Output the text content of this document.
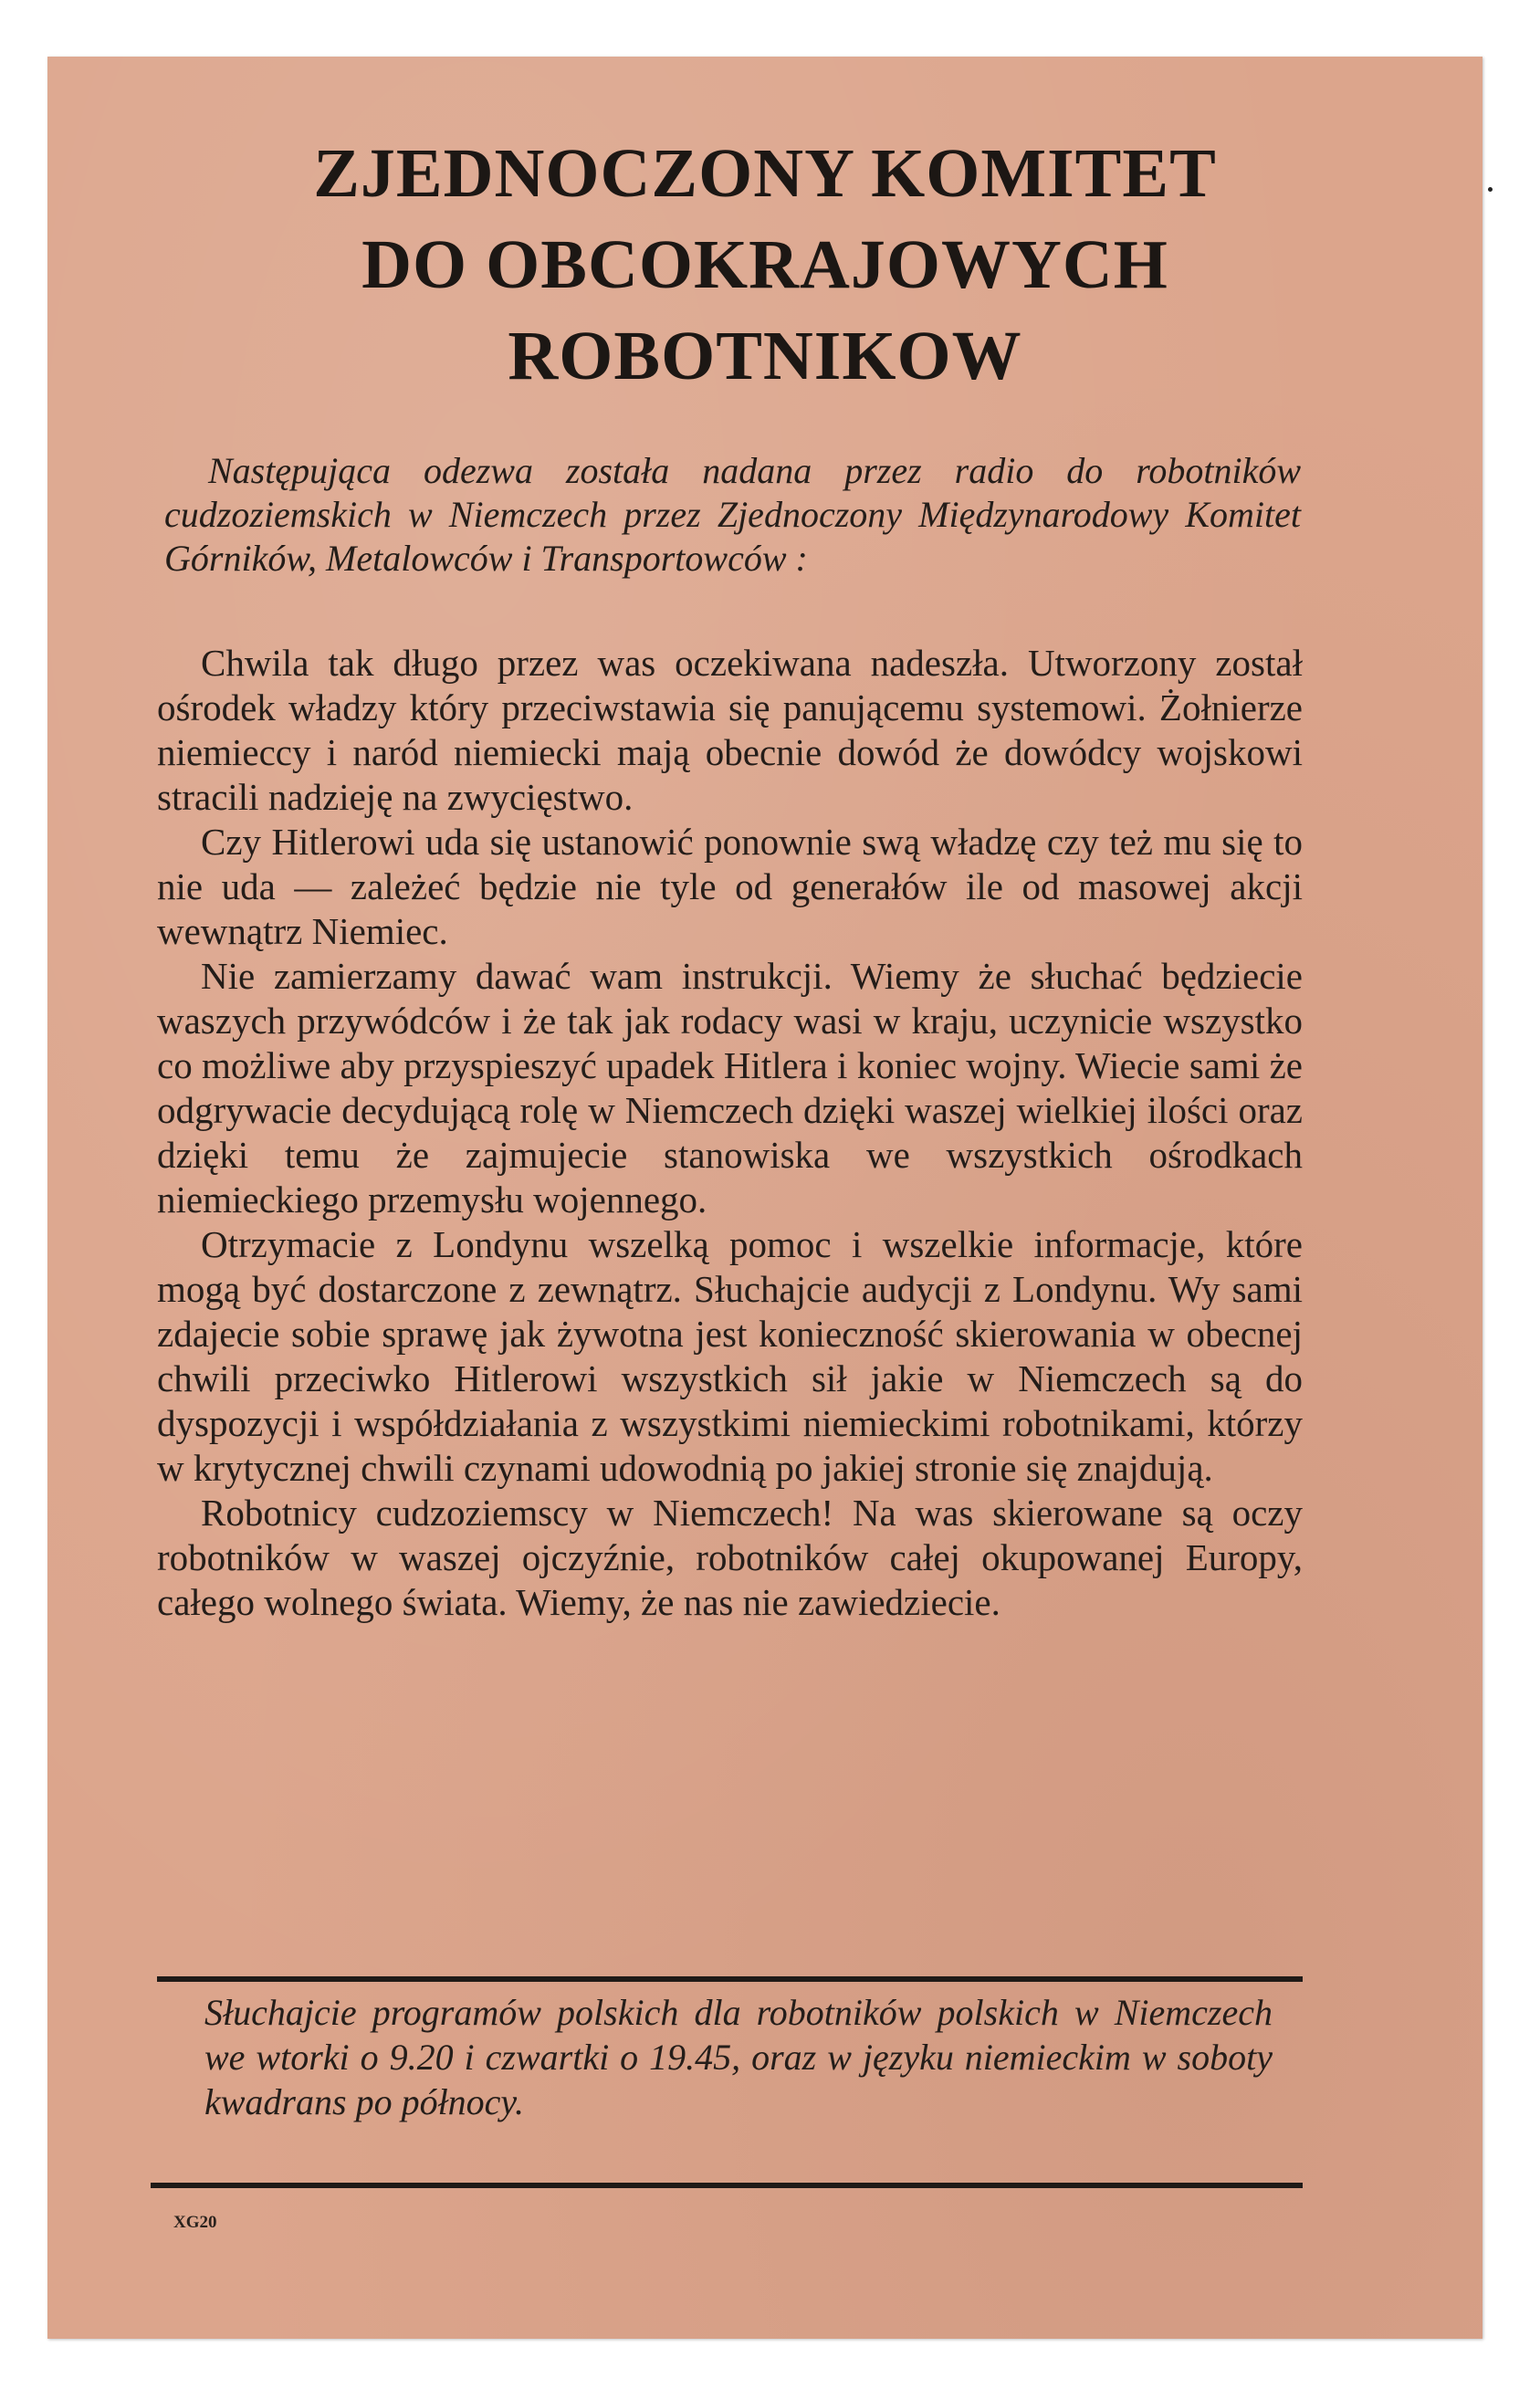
ZJEDNOCZONY KOMITET
DO OBCOKRAJOWYCH
ROBOTNIKOW
Następująca odezwa została nadana przez radio do robotników cudzoziemskich w Niemczech przez Zjednoczony Międzynarodowy Komitet Górników, Metalowców i Transportowców :

Chwila tak długo przez was oczekiwana nadeszła. Utworzony został ośrodek władzy który przeciwstawia się panującemu systemowi. Żołnierze niemieccy i naród niemiecki mają obecnie dowód że dowódcy wojskowi stracili nadzieję na zwycięstwo.

Czy Hitlerowi uda się ustanowić ponownie swą władzę czy też mu się to nie uda — zależeć będzie nie tyle od generałów ile od masowej akcji wewnątrz Niemiec.

Nie zamierzamy dawać wam instrukcji. Wiemy że słuchać będziecie waszych przywódców i że tak jak rodacy wasi w kraju, uczynicie wszystko co możliwe aby przyspieszyć upadek Hitlera i koniec wojny. Wiecie sami że odgrywacie decydującą rolę w Niemczech dzięki waszej wielkiej ilości oraz dzięki temu że zajmujecie stanowiska we wszystkich ośrodkach niemieckiego przemysłu wojennego.

Otrzymacie z Londynu wszelką pomoc i wszelkie informacje, które mogą być dostarczone z zewnątrz. Słuchajcie audycji z Londynu. Wy sami zdajecie sobie sprawę jak żywotna jest konieczność skierowania w obecnej chwili przeciwko Hitlerowi wszystkich sił jakie w Niemczech są do dyspozycji i współdziałania z wszystkimi niemieckimi robotnikami, którzy w krytycznej chwili czynami udowodnią po jakiej stronie się znajdują.

Robotnicy cudzoziemscy w Niemczech! Na was skierowane są oczy robotników w waszej ojczyźnie, robotników całej okupowanej Europy, całego wolnego świata. Wiemy, że nas nie zawiedziecie.

Słuchajcie programów polskich dla robotników polskich w Niemczech we wtorki o 9.20 i czwartki o 19.45, oraz w języku niemieckim w soboty kwadrans po północy.
XG20
